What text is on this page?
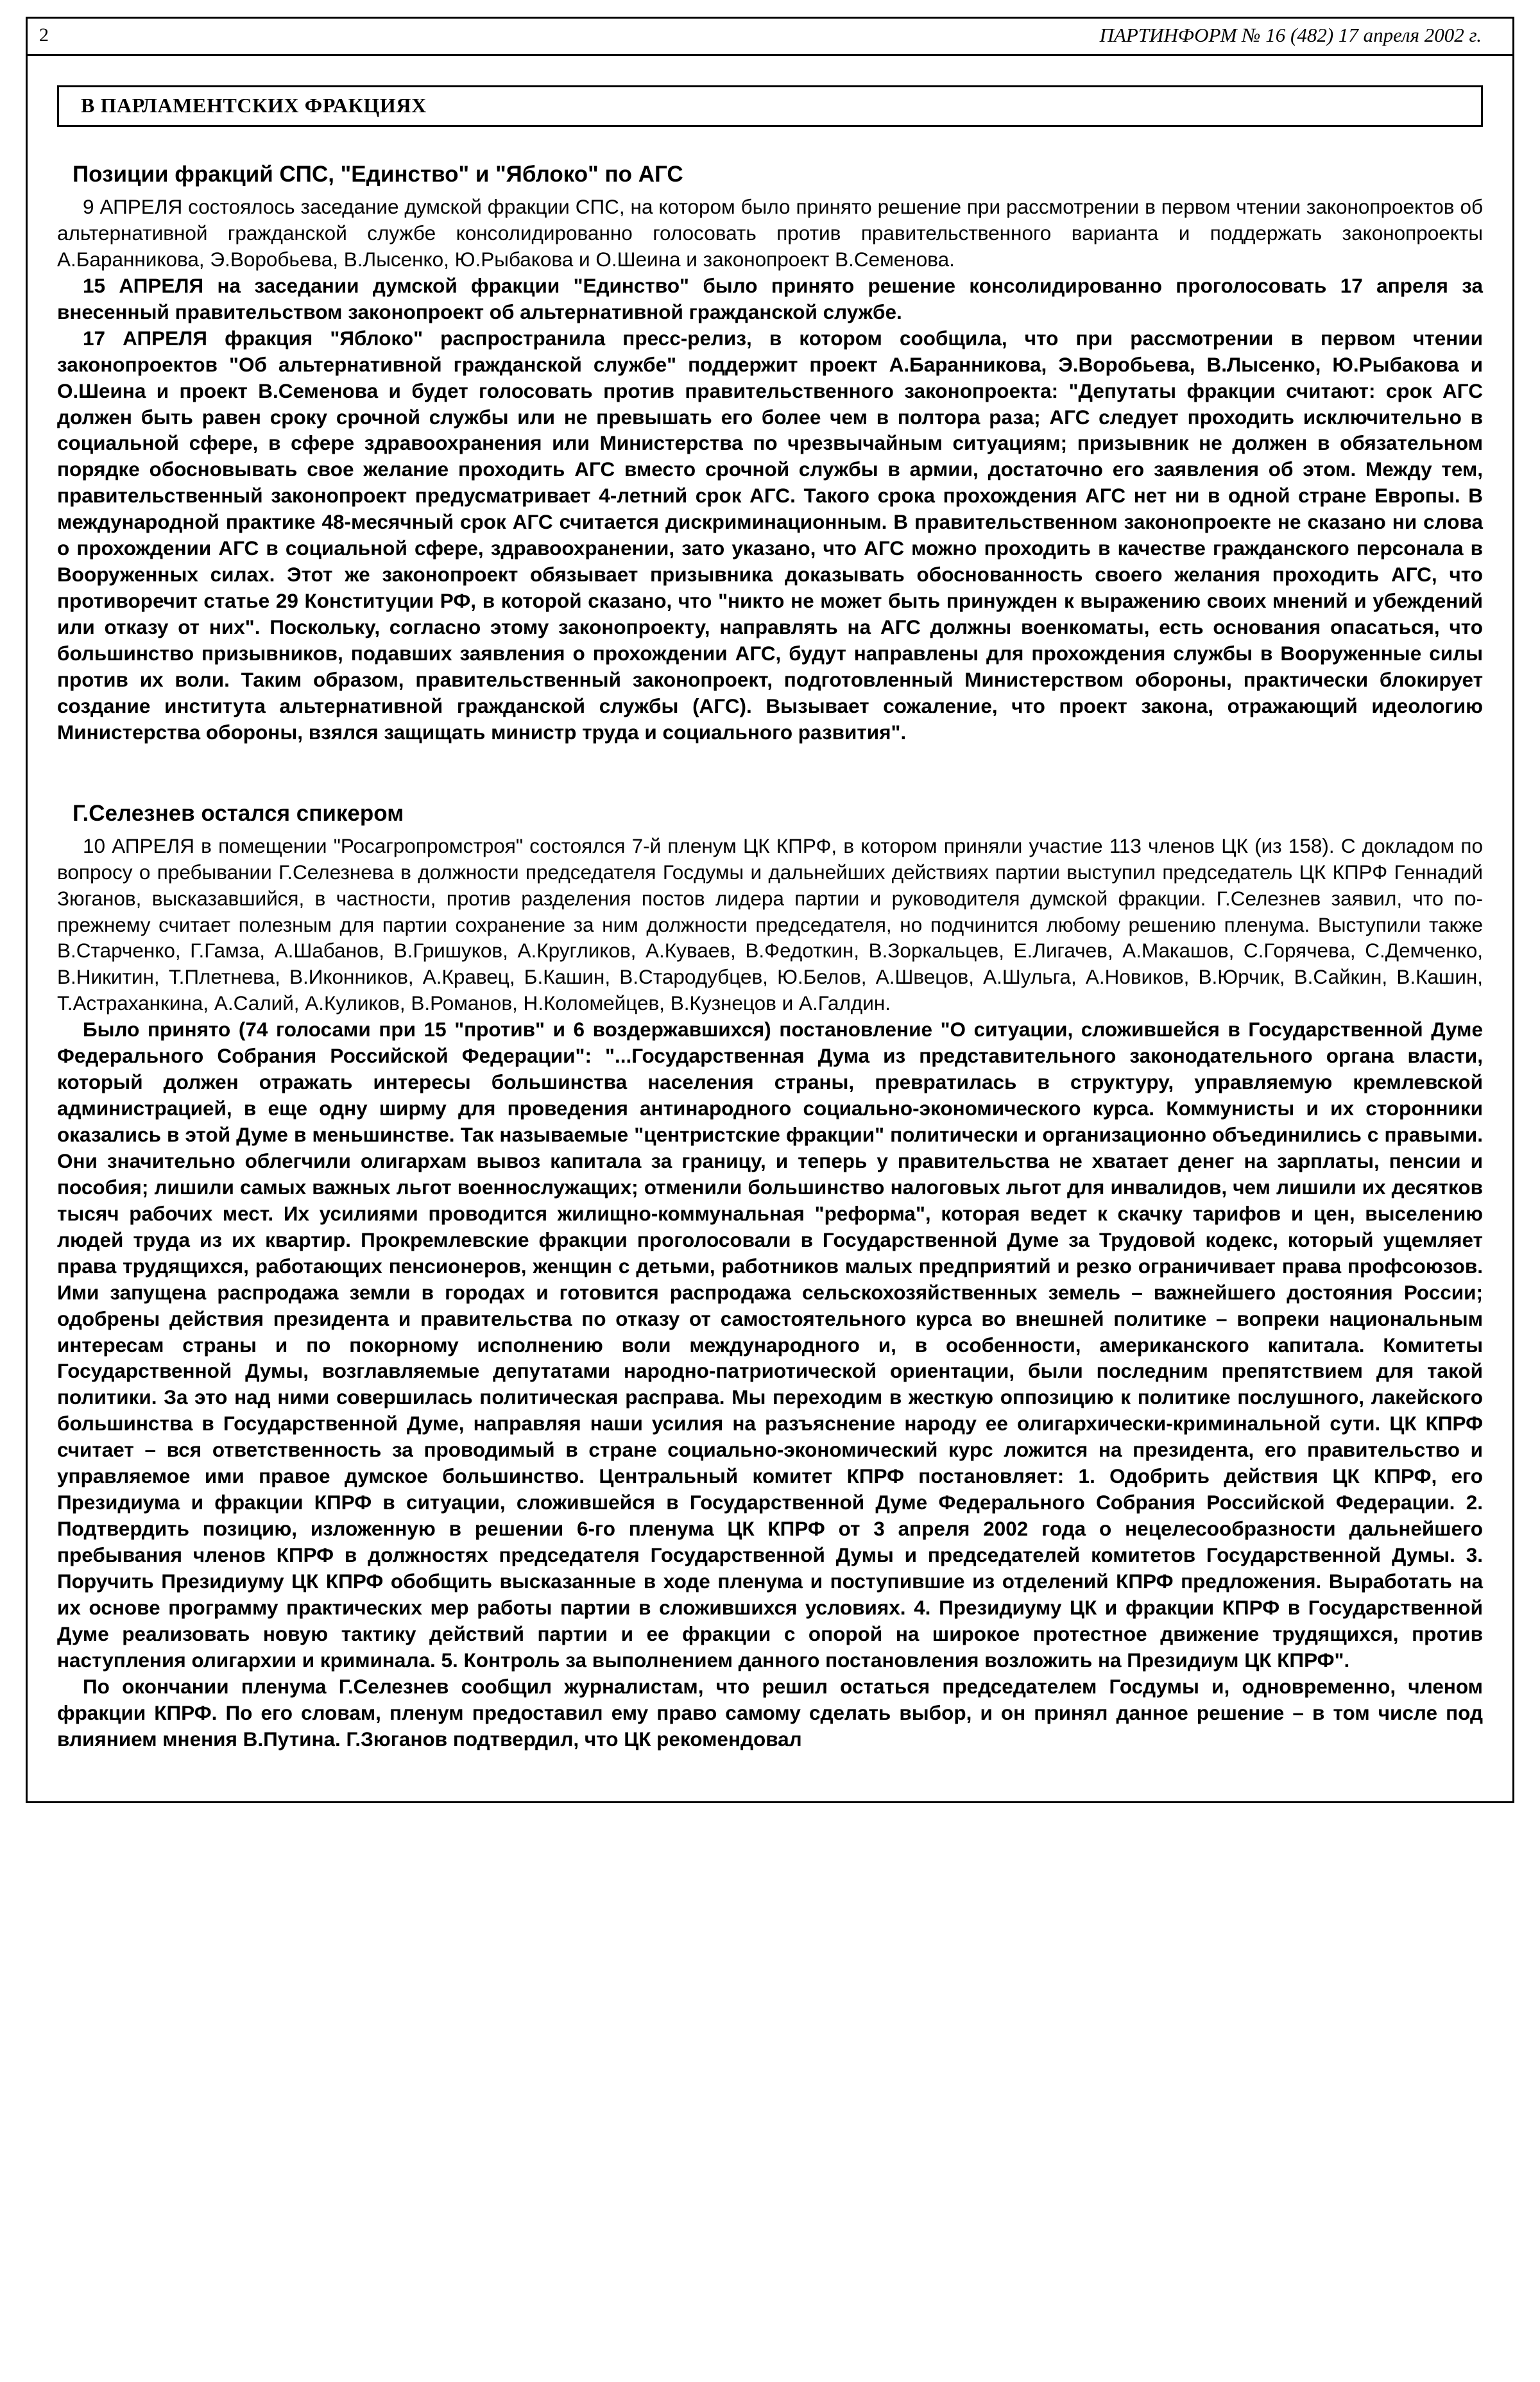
2	ПАРТИНФОРМ № 16 (482) 17 апреля 2002 г.
В ПАРЛАМЕНТСКИХ ФРАКЦИЯХ
Позиции фракций СПС, "Единство" и "Яблоко" по АГС

9 АПРЕЛЯ состоялось заседание думской фракции СПС, на котором было принято решение при рассмотрении в первом чтении законопроектов об альтернативной гражданской службе консолидированно голосовать против правительственного варианта и поддержать законопроекты А.Баранникова, Э.Воробьева, В.Лысенко, Ю.Рыбакова и О.Шеина и законопроект В.Семенова.

15 АПРЕЛЯ на заседании думской фракции "Единство" было принято решение консолидированно проголосовать 17 апреля за внесенный правительством законопроект об альтернативной гражданской службе.

17 АПРЕЛЯ фракция "Яблоко" распространила пресс-релиз, в котором сообщила, что при рассмотрении в первом чтении законопроектов "Об альтернативной гражданской службе" поддержит проект А.Баранникова, Э.Воробьева, В.Лысенко, Ю.Рыбакова и О.Шеина и проект В.Семенова и будет голосовать против правительственного законопроекта: "Депутаты фракции считают: срок АГС должен быть равен сроку срочной службы или не превышать его более чем в полтора раза; АГС следует проходить исключительно в социальной сфере, в сфере здравоохранения или Министерства по чрезвычайным ситуациям; призывник не должен в обязательном порядке обосновывать свое желание проходить АГС вместо срочной службы в армии, достаточно его заявления об этом. Между тем, правительственный законопроект предусматривает 4-летний срок АГС. Такого срока прохождения АГС нет ни в одной стране Европы. В международной практике 48-месячный срок АГС считается дискриминационным. В правительственном законопроекте не сказано ни слова о прохождении АГС в социальной сфере, здравоохранении, зато указано, что АГС можно проходить в качестве гражданского персонала в Вооруженных силах. Этот же законопроект обязывает призывника доказывать обоснованность своего желания проходить АГС, что противоречит статье 29 Конституции РФ, в которой сказано, что "никто не может быть принужден к выражению своих мнений и убеждений или отказу от них". Поскольку, согласно этому законопроекту, направлять на АГС должны военкоматы, есть основания опасаться, что большинство призывников, подавших заявления о прохождении АГС, будут направлены для прохождения службы в Вооруженные силы против их воли. Таким образом, правительственный законопроект, подготовленный Министерством обороны, практически блокирует создание института альтернативной гражданской службы (АГС). Вызывает сожаление, что проект закона, отражающий идеологию Министерства обороны, взялся защищать министр труда и социального развития".

Г.Селезнев остался спикером

10 АПРЕЛЯ в помещении "Росагропромстроя" состоялся 7-й пленум ЦК КПРФ, в котором приняли участие 113 членов ЦК (из 158). С докладом по вопросу о пребывании Г.Селезнева в должности председателя Госдумы и дальнейших действиях партии выступил председатель ЦК КПРФ Геннадий Зюганов, высказавшийся, в частности, против разделения постов лидера партии и руководителя думской фракции. Г.Селезнев заявил, что по-прежнему считает полезным для партии сохранение за ним должности председателя, но подчинится любому решению пленума. Выступили также В.Старченко, Г.Гамза, А.Шабанов, В.Гришуков, А.Кругликов, А.Куваев, В.Федоткин, В.Зоркальцев, Е.Лигачев, А.Макашов, С.Горячева, С.Демченко, В.Никитин, Т.Плетнева, В.Иконников, А.Кравец, Б.Кашин, В.Стародубцев, Ю.Белов, А.Швецов, А.Шульга, А.Новиков, В.Юрчик, В.Сайкин, В.Кашин, Т.Астраханкина, А.Салий, А.Куликов, В.Романов, Н.Коломейцев, В.Кузнецов и А.Галдин.

Было принято (74 голосами при 15 "против" и 6 воздержавшихся) постановление "О ситуации, сложившейся в Государственной Думе Федерального Собрания Российской Федерации": "...Государственная Дума из представительного законодательного органа власти, который должен отражать интересы большинства населения страны, превратилась в структуру, управляемую кремлевской администрацией, в еще одну ширму для проведения антинародного социально-экономического курса. Коммунисты и их сторонники оказались в этой Думе в меньшинстве. Так называемые "центристские фракции" политически и организационно объединились с правыми. Они значительно облегчили олигархам вывоз капитала за границу, и теперь у правительства не хватает денег на зарплаты, пенсии и пособия; лишили самых важных льгот военнослужащих; отменили большинство налоговых льгот для инвалидов, чем лишили их десятков тысяч рабочих мест. Их усилиями проводится жилищно-коммунальная "реформа", которая ведет к скачку тарифов и цен, выселению людей труда из их квартир. Прокремлевские фракции проголосовали в Государственной Думе за Трудовой кодекс, который ущемляет права трудящихся, работающих пенсионеров, женщин с детьми, работников малых предприятий и резко ограничивает права профсоюзов. Ими запущена распродажа земли в городах и готовится распродажа сельскохозяйственных земель – важнейшего достояния России; одобрены действия президента и правительства по отказу от самостоятельного курса во внешней политике – вопреки национальным интересам страны и по покорному исполнению воли международного и, в особенности, американского капитала. Комитеты Государственной Думы, возглавляемые депутатами народно-патриотической ориентации, были последним препятствием для такой политики. За это над ними совершилась политическая расправа. Мы переходим в жесткую оппозицию к политике послушного, лакейского большинства в Государственной Думе, направляя наши усилия на разъяснение народу ее олигархически-криминальной сути. ЦК КПРФ считает – вся ответственность за проводимый в стране социально-экономический курс ложится на президента, его правительство и управляемое ими правое думское большинство. Центральный комитет КПРФ постановляет: 1. Одобрить действия ЦК КПРФ, его Президиума и фракции КПРФ в ситуации, сложившейся в Государственной Думе Федерального Собрания Российской Федерации. 2. Подтвердить позицию, изложенную в решении 6-го пленума ЦК КПРФ от 3 апреля 2002 года о нецелесообразности дальнейшего пребывания членов КПРФ в должностях председателя Государственной Думы и председателей комитетов Государственной Думы. 3. Поручить Президиуму ЦК КПРФ обобщить высказанные в ходе пленума и поступившие из отделений КПРФ предложения. Выработать на их основе программу практических мер работы партии в сложившихся условиях. 4. Президиуму ЦК и фракции КПРФ в Государственной Думе реализовать новую тактику действий партии и ее фракции с опорой на широкое протестное движение трудящихся, против наступления олигархии и криминала. 5. Контроль за выполнением данного постановления возложить на Президиум ЦК КПРФ".

По окончании пленума Г.Селезнев сообщил журналистам, что решил остаться председателем Госдумы и, одновременно, членом фракции КПРФ. По его словам, пленум предоставил ему право самому сделать выбор, и он принял данное решение – в том числе под влиянием мнения В.Путина. Г.Зюганов подтвердил, что ЦК рекомендовал
